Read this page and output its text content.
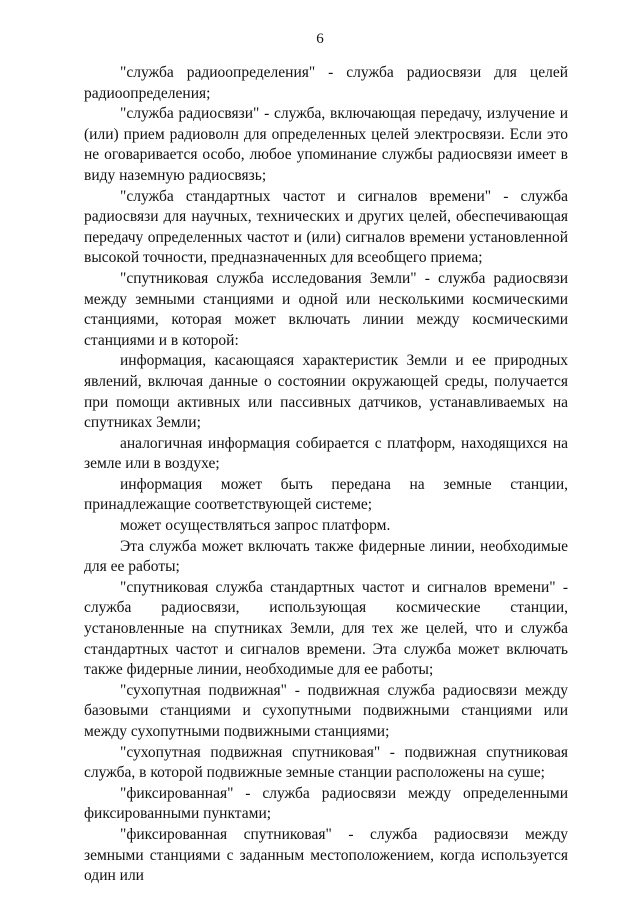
6

"служба радиоопределения" - служба радиосвязи для целей радиоопределения;

"служба радиосвязи" - служба, включающая передачу, излучение и (или) прием радиоволн для определенных целей электросвязи. Если это не оговаривается особо, любое упоминание службы радиосвязи имеет в виду наземную радиосвязь;

"служба стандартных частот и сигналов времени" - служба радиосвязи для научных, технических и других целей, обеспечивающая передачу определенных частот и (или) сигналов времени установленной высокой точности, предназначенных для всеобщего приема;

"спутниковая служба исследования Земли" - служба радиосвязи между земными станциями и одной или несколькими космическими станциями, которая может включать линии между космическими станциями и в которой:

информация, касающаяся характеристик Земли и ее природных явлений, включая данные о состоянии окружающей среды, получается при помощи активных или пассивных датчиков, устанавливаемых на спутниках Земли;

аналогичная информация собирается с платформ, находящихся на земле или в воздухе;

информация может быть передана на земные станции, принадлежащие соответствующей системе;

может осуществляться запрос платформ.

Эта служба может включать также фидерные линии, необходимые для ее работы;

"спутниковая служба стандартных частот и сигналов времени" - служба радиосвязи, использующая космические станции, установленные на спутниках Земли, для тех же целей, что и служба стандартных частот и сигналов времени. Эта служба может включать также фидерные линии, необходимые для ее работы;

"сухопутная подвижная" - подвижная служба радиосвязи между базовыми станциями и сухопутными подвижными станциями или между сухопутными подвижными станциями;

"сухопутная подвижная спутниковая" - подвижная спутниковая служба, в которой подвижные земные станции расположены на суше;

"фиксированная" - служба радиосвязи между определенными фиксированными пунктами;

"фиксированная спутниковая" - служба радиосвязи между земными станциями с заданным местоположением, когда используется один или
